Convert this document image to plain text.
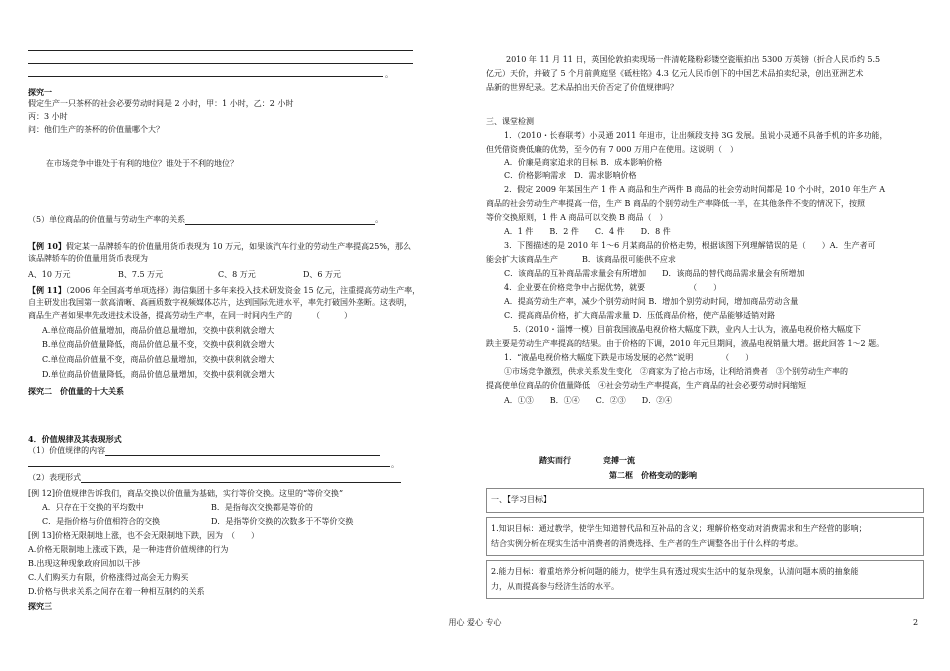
。
探究一
假定生产一只茶杯的社会必要劳动时间是 2 小时，甲：1 小时，乙：2 小时
丙：3 小时
问：他们生产的茶杯的价值量哪个大？
在市场竞争中谁处于有利的地位？谁处于不利的地位？
（5）单位商品的价值量与劳动生产率的关系	。
【例 10】假定某一品牌轿车的价值量用货币表现为 10 万元，如果该汽车行业的劳动生产率提高25%，那么
该品牌轿车的价值量用货币表现为
A、10 万元	B、7.5 万元	C、8 万元	D、6 万元
【例 11】（2006 年全国高考单项选择）海信集团十多年来投入技术研发资金 15 亿元，注重提高劳动生产率，
自主研发出我国第一款高清晰、高画质数字视频媒体芯片，达到国际先进水平，率先打破国外垄断。这表明，
商品生产者如果率先改进技术设备，提高劳动生产率，在同一时间内生产的　　　（　　　）
A.单位商品价值量增加，商品价值总量增加，交换中获利就会增大
B.单位商品价值量降低，商品价值总量不变，交换中获利就会增大
C.单位商品价值量不变，商品价值总量增加，交换中获利就会增大
D.单位商品价值量降低，商品价值总量增加，交换中获利就会增大
探究二　价值量的十大关系
4．价值规律及其表现形式
（1）价值规律的内容
。
（2）表现形式
[例 12]价值规律告诉我们，商品交换以价值量为基础，实行等价交换。这里的“等价交换”
A．只存在于交换的平均数中	B．是指每次交换都是等价的
C．是指价格与价值相符合的交换	D．是指等价交换的次数多于不等价交换
[例 13]价格无限制地上涨，也不会无限制地下跌，因为　（　　）
A.价格无限制地上涨或下跌，是一种违背价值规律的行为
B.出现这种现象政府回加以干涉
C.人们购买力有限，价格涨得过高会无力购买
D.价格与供求关系之间存在着一种相互制约的关系
探究三
2010 年 11 月 11 日，英国伦敦拍卖现场一件清乾隆粉彩镂空瓷瓶拍出 5300 万英镑（折合人民币约 5.5
亿元）天价，并破了 5 个月前黄庭坚《砥柱铭》4.3 亿元人民币创下的中国艺术品拍卖纪录，创出亚洲艺术
品新的世界纪录。艺术品拍出天价否定了价值规律吗？
三、课堂检测
1．（2010・长春联考）小灵通 2011 年退市，让出频段支持 3G 发展。虽说小灵通不具备手机的许多功能，
但凭借资费低廉的优势，至今仍有 7 000 万用户在使用。这说明（　）
A．价廉是商家追求的目标 B．成本影响价格
C．价格影响需求　D．需求影响价格
2．假定 2009 年某国生产 1 件 A 商品和生产两件 B 商品的社会劳动时间都是 10 个小时，2010 年生产 A
商品的社会劳动生产率提高一倍，生产 B 商品的个别劳动生产率降低一半，在其他条件不变的情况下，按照
等价交换原则，1 件 A 商品可以交换 B 商品（　）
A．1 件　　B．2 件　　C．4 件　　D．8 件
3．下图描述的是 2010 年 1～6 月某商品的价格走势，根据该图下列理解错误的是（　　）A．生产者可
能会扩大该商品生产　　　B．该商品很可能供不应求
C．该商品的互补商品需求量会有所增加　　D．该商品的替代商品需求量会有所增加
4．企业要在价格竞争中占据优势，就要　　　　　　（　　）
A．提高劳动生产率，减少个别劳动时间 B．增加个别劳动时间，增加商品劳动含量
C．提高商品价格，扩大商品需求量 D．压低商品价格，使产品能够适销对路
5.（2010・淄博一模）目前我国液晶电视价格大幅度下跌，业内人士认为，液晶电视价格大幅度下
跌主要是劳动生产率提高的结果。由于价格的下调，2010 年元旦期间，液晶电视销量大增。据此回答 1～2 题。
1．“液晶电视价格大幅度下跌是市场发展的必然”说明　　　　（　　）
①市场竞争激烈，供求关系发生变化　②商家为了抢占市场，让利给消费者　③个别劳动生产率的
提高使单位商品的价值量降低　④社会劳动生产率提高，生产商品的社会必要劳动时间缩短
A．①③　　B．①④　　C．②③　　D．②④
踏实而行　　　　竞搏一流
第二框　价格变动的影响
一、【学习目标】
1.知识目标：通过教学，使学生知道替代品和互补品的含义；理解价格变动对消费需求和生产经营的影响；
结合实例分析在现实生活中消费者的消费选择、生产者的生产调整各出于什么样的考虑。
2.能力目标：着重培养分析问题的能力，使学生具有透过现实生活中的复杂现象，认清问题本质的抽象能
力，从而提高参与经济生活的水平。
用心 爱心 专心	2
